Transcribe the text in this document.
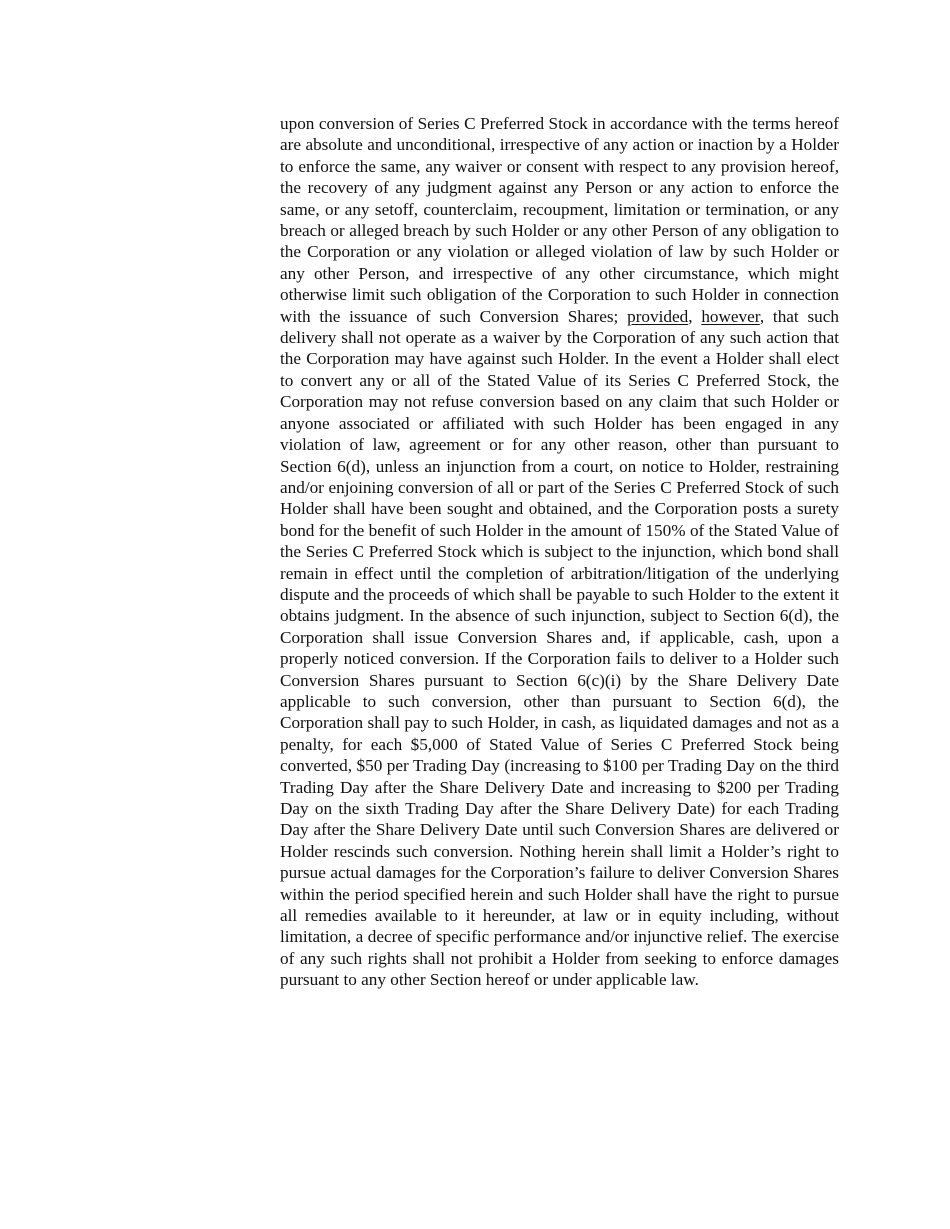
upon conversion of Series C Preferred Stock in accordance with the terms hereof are absolute and unconditional, irrespective of any action or inaction by a Holder to enforce the same, any waiver or consent with respect to any provision hereof, the recovery of any judgment against any Person or any action to enforce the same, or any setoff, counterclaim, recoupment, limitation or termination, or any breach or alleged breach by such Holder or any other Person of any obligation to the Corporation or any violation or alleged violation of law by such Holder or any other Person, and irrespective of any other circumstance, which might otherwise limit such obligation of the Corporation to such Holder in connection with the issuance of such Conversion Shares; provided, however, that such delivery shall not operate as a waiver by the Corporation of any such action that the Corporation may have against such Holder. In the event a Holder shall elect to convert any or all of the Stated Value of its Series C Preferred Stock, the Corporation may not refuse conversion based on any claim that such Holder or anyone associated or affiliated with such Holder has been engaged in any violation of law, agreement or for any other reason, other than pursuant to Section 6(d), unless an injunction from a court, on notice to Holder, restraining and/or enjoining conversion of all or part of the Series C Preferred Stock of such Holder shall have been sought and obtained, and the Corporation posts a surety bond for the benefit of such Holder in the amount of 150% of the Stated Value of the Series C Preferred Stock which is subject to the injunction, which bond shall remain in effect until the completion of arbitration/litigation of the underlying dispute and the proceeds of which shall be payable to such Holder to the extent it obtains judgment. In the absence of such injunction, subject to Section 6(d), the Corporation shall issue Conversion Shares and, if applicable, cash, upon a properly noticed conversion. If the Corporation fails to deliver to a Holder such Conversion Shares pursuant to Section 6(c)(i) by the Share Delivery Date applicable to such conversion, other than pursuant to Section 6(d), the Corporation shall pay to such Holder, in cash, as liquidated damages and not as a penalty, for each $5,000 of Stated Value of Series C Preferred Stock being converted, $50 per Trading Day (increasing to $100 per Trading Day on the third Trading Day after the Share Delivery Date and increasing to $200 per Trading Day on the sixth Trading Day after the Share Delivery Date) for each Trading Day after the Share Delivery Date until such Conversion Shares are delivered or Holder rescinds such conversion. Nothing herein shall limit a Holder’s right to pursue actual damages for the Corporation’s failure to deliver Conversion Shares within the period specified herein and such Holder shall have the right to pursue all remedies available to it hereunder, at law or in equity including, without limitation, a decree of specific performance and/or injunctive relief. The exercise of any such rights shall not prohibit a Holder from seeking to enforce damages pursuant to any other Section hereof or under applicable law.
